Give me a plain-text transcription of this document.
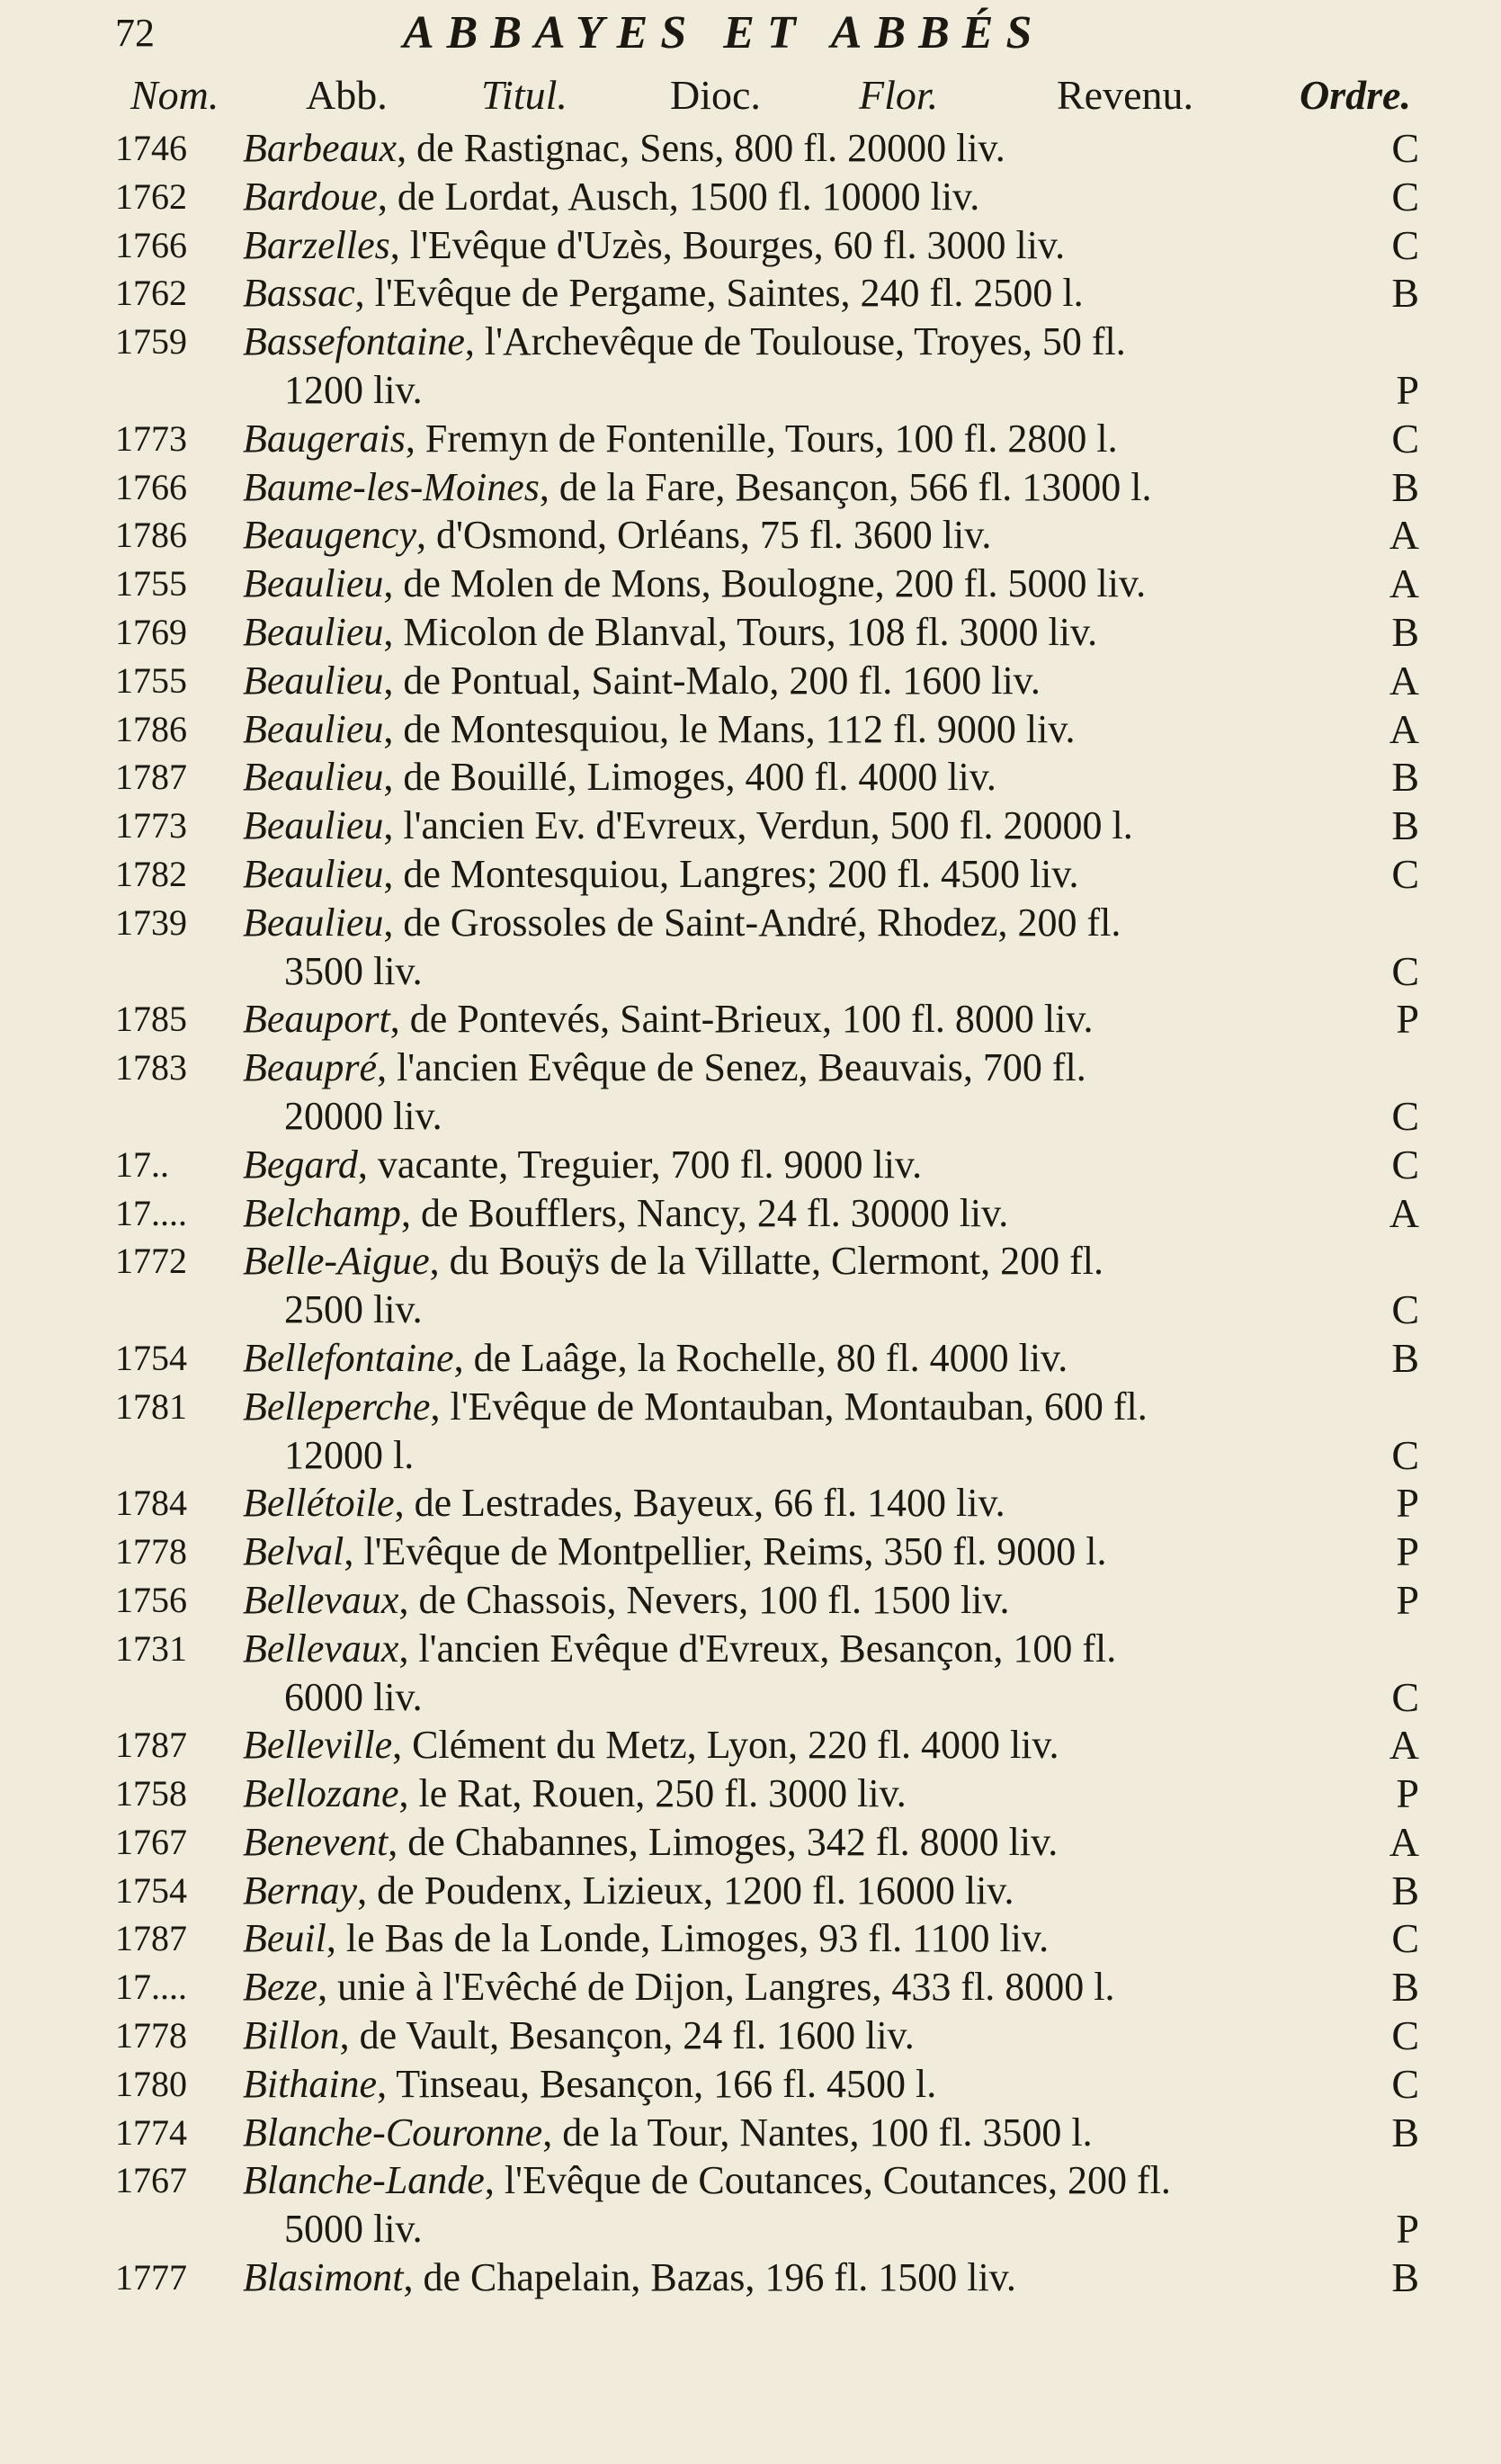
72	ABBAYES ET ABBÉS
Nom. Abb. Titul. Dioc. Flor.	Revenu.	Ordre.
1746	Barbeaux, de Rastignac, Sens, 800 fl. 20000 liv.	C
1762	Bardoue, de Lordat, Ausch, 1500 fl. 10000 liv.	C
1766	Barzelles, l'Evêque d'Uzès, Bourges, 60 fl. 3000 liv.	C
1762	Bassac, l'Evêque de Pergame, Saintes, 240 fl. 2500 l.	B
1759	Bassefontaine, l'Archevêque de Toulouse, Troyes, 50 fl.
1200 liv.	P
1773	Baugerais, Fremyn de Fontenille, Tours, 100 fl. 2800 l.	C
1766	Baume-les-Moines, de la Fare, Besançon, 566 fl. 13000 l.	B
1786	Beaugency, d'Osmond, Orléans, 75 fl. 3600 liv.	A
1755	Beaulieu, de Molen de Mons, Boulogne, 200 fl. 5000 liv.	A
1769	Beaulieu, Micolon de Blanval, Tours, 108 fl. 3000 liv.	B
1755	Beaulieu, de Pontual, Saint-Malo, 200 fl. 1600 liv.	A
1786	Beaulieu, de Montesquiou, le Mans, 112 fl. 9000 liv.	A
1787	Beaulieu, de Bouillé, Limoges, 400 fl. 4000 liv.	B
1773	Beaulieu, l'ancien Ev. d'Evreux, Verdun, 500 fl. 20000 l.	B
1782	Beaulieu, de Montesquiou, Langres; 200 fl. 4500 liv.	C
1739	Beaulieu, de Grossoles de Saint-André, Rhodez, 200 fl.
3500 liv.	C
1785	Beauport, de Pontevés, Saint-Brieux, 100 fl. 8000 liv.	P
1783	Beaupré, l'ancien Evêque de Senez, Beauvais, 700 fl.
20000 liv.	C
17..	Begard, vacante, Treguier, 700 fl. 9000 liv.	C
17....	Belchamp, de Boufflers, Nancy, 24 fl. 30000 liv.	A
1772	Belle-Aigue, du Bouÿs de la Villatte, Clermont, 200 fl.
2500 liv.	C
1754	Bellefontaine, de Laâge, la Rochelle, 80 fl. 4000 liv.	B
1781	Belleperche, l'Evêque de Montauban, Montauban, 600 fl.
12000 l.	C
1784	Bellétoile, de Lestrades, Bayeux, 66 fl. 1400 liv.	P
1778	Belval, l'Evêque de Montpellier, Reims, 350 fl. 9000 l.	P
1756	Bellevaux, de Chassois, Nevers, 100 fl. 1500 liv.	P
1731	Bellevaux, l'ancien Evêque d'Evreux, Besançon, 100 fl.
6000 liv.	C
1787	Belleville, Clément du Metz, Lyon, 220 fl. 4000 liv.	A
1758	Bellozane, le Rat, Rouen, 250 fl. 3000 liv.	P
1767	Benevent, de Chabannes, Limoges, 342 fl. 8000 liv.	A
1754	Bernay, de Poudenx, Lizieux, 1200 fl. 16000 liv.	B
1787	Beuil, le Bas de la Londe, Limoges, 93 fl. 1100 liv.	C
17....	Beze, unie à l'Evêché de Dijon, Langres, 433 fl. 8000 l.	B
1778	Billon, de Vault, Besançon, 24 fl. 1600 liv.	C
1780	Bithaine, Tinseau, Besançon, 166 fl. 4500 l.	C
1774	Blanche-Couronne, de la Tour, Nantes, 100 fl. 3500 l.	B
1767	Blanche-Lande, l'Evêque de Coutances, Coutances, 200 fl.
5000 liv.	P
1777	Blasimont, de Chapelain, Bazas, 196 fl. 1500 liv.	B
